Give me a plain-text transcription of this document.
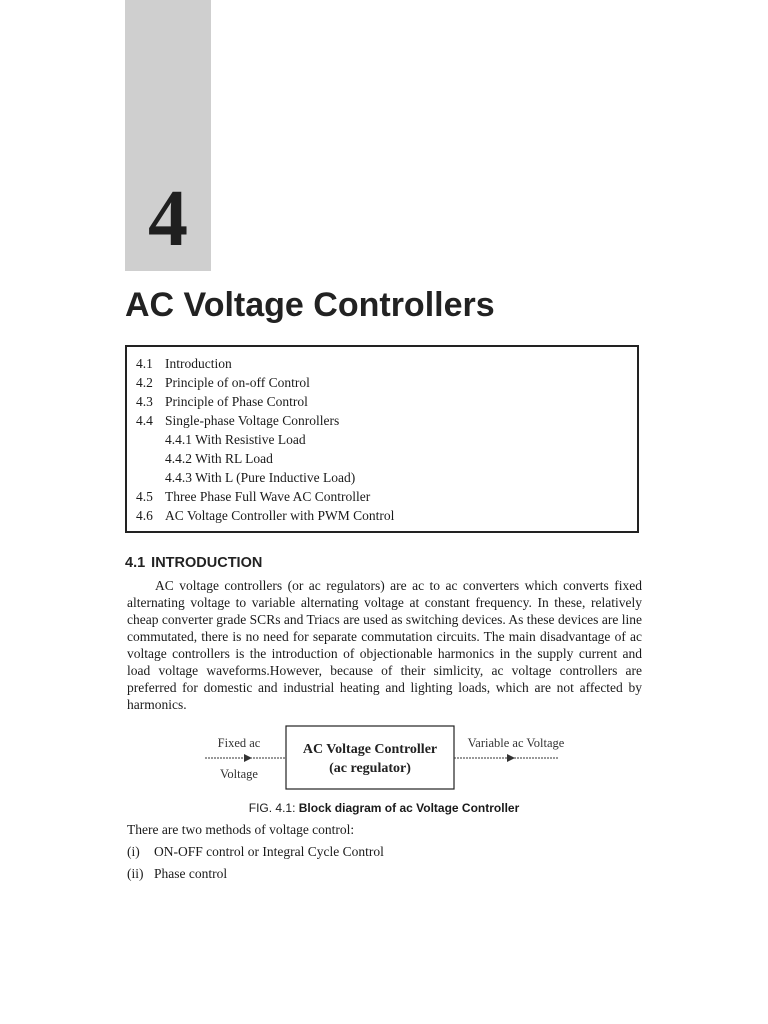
4
AC Voltage Controllers
4.1 Introduction
4.2 Principle of on-off Control
4.3 Principle of Phase Control
4.4 Single-phase Voltage Conrollers
4.4.1 With Resistive Load
4.4.2 With RL Load
4.4.3 With L (Pure Inductive Load)
4.5 Three Phase Full Wave AC Controller
4.6 AC Voltage Controller with PWM Control
4.1 INTRODUCTION

AC voltage controllers (or ac regulators) are ac to ac converters which converts fixed alternating voltage to variable alternating voltage at constant frequency. In these, relatively cheap converter grade SCRs and Triacs are used as switching devices. As these devices are line commutated, there is no need for separate commutation circuits. The main disadvantage of ac voltage controllers is the introduction of objectionable harmonics in the supply current and load voltage waveforms.However, because of their simlicity, ac voltage controllers are preferred for domestic and industrial heating and lighting loads, which are not affected by harmonics.

Fixed ac
Voltage
AC Voltage Controller
(ac regulator)
Variable ac Voltage
FIG. 4.1: Block diagram of ac Voltage Controller
There are two methods of voltage control:
(i) ON-OFF control or Integral Cycle Control
(ii) Phase control
